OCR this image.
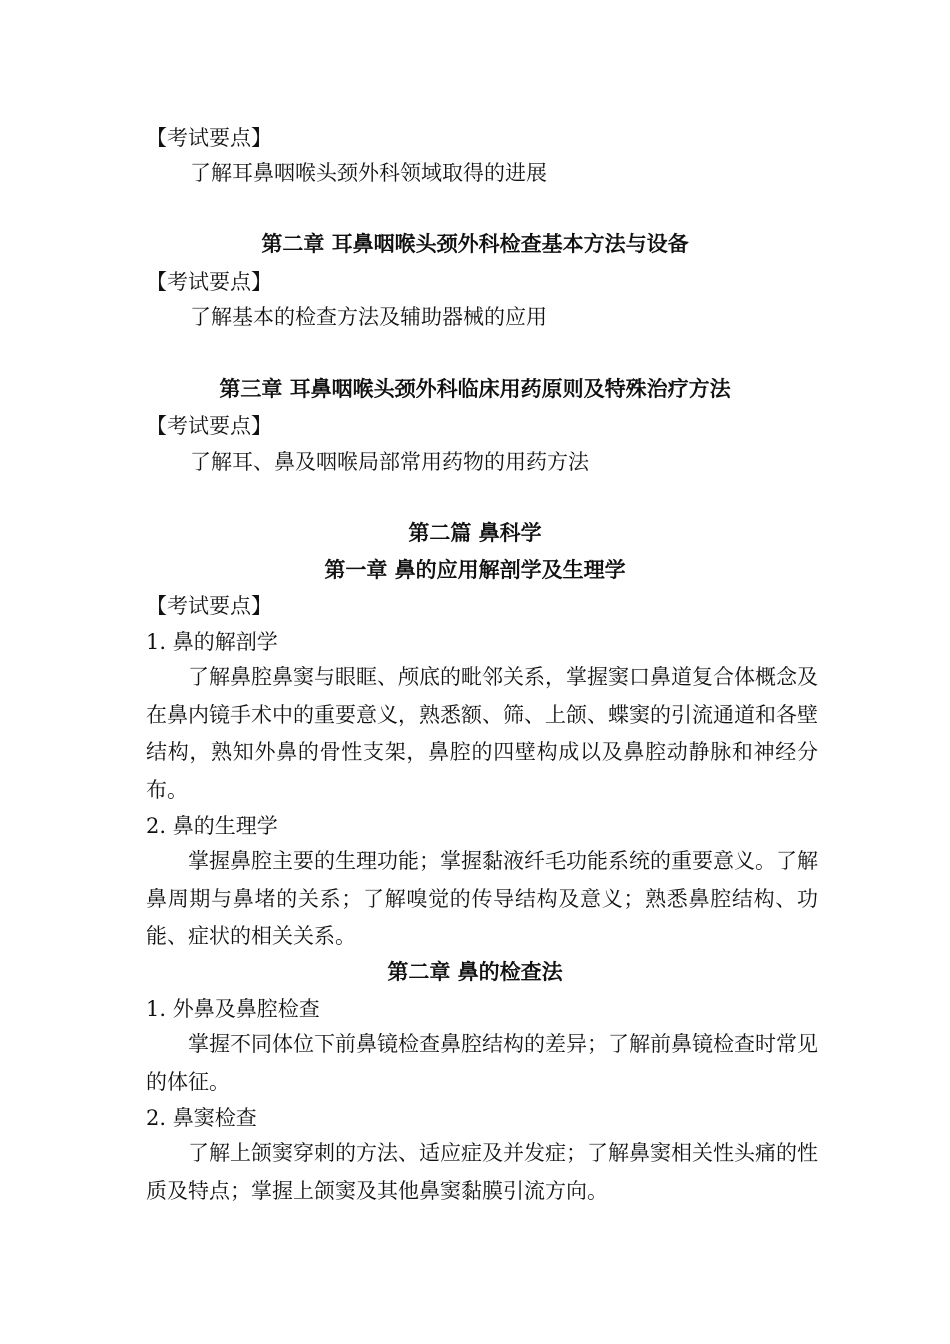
【考试要点】
了解耳鼻咽喉头颈外科领域取得的进展
第二章 耳鼻咽喉头颈外科检查基本方法与设备
【考试要点】
了解基本的检查方法及辅助器械的应用
第三章 耳鼻咽喉头颈外科临床用药原则及特殊治疗方法
【考试要点】
了解耳、鼻及咽喉局部常用药物的用药方法
第二篇 鼻科学
第一章 鼻的应用解剖学及生理学
【考试要点】
1. 鼻的解剖学
了解鼻腔鼻窦与眼眶、颅底的毗邻关系，掌握窦口鼻道复合体概念及在鼻内镜手术中的重要意义，熟悉额、筛、上颌、蝶窦的引流通道和各壁结构，熟知外鼻的骨性支架，鼻腔的四壁构成以及鼻腔动静脉和神经分布。
2. 鼻的生理学
掌握鼻腔主要的生理功能；掌握黏液纤毛功能系统的重要意义。了解鼻周期与鼻堵的关系；了解嗅觉的传导结构及意义；熟悉鼻腔结构、功能、症状的相关关系。
第二章 鼻的检查法
1. 外鼻及鼻腔检查
掌握不同体位下前鼻镜检查鼻腔结构的差异；了解前鼻镜检查时常见的体征。
2. 鼻窦检查
了解上颌窦穿刺的方法、适应症及并发症；了解鼻窦相关性头痛的性质及特点；掌握上颌窦及其他鼻窦黏膜引流方向。
